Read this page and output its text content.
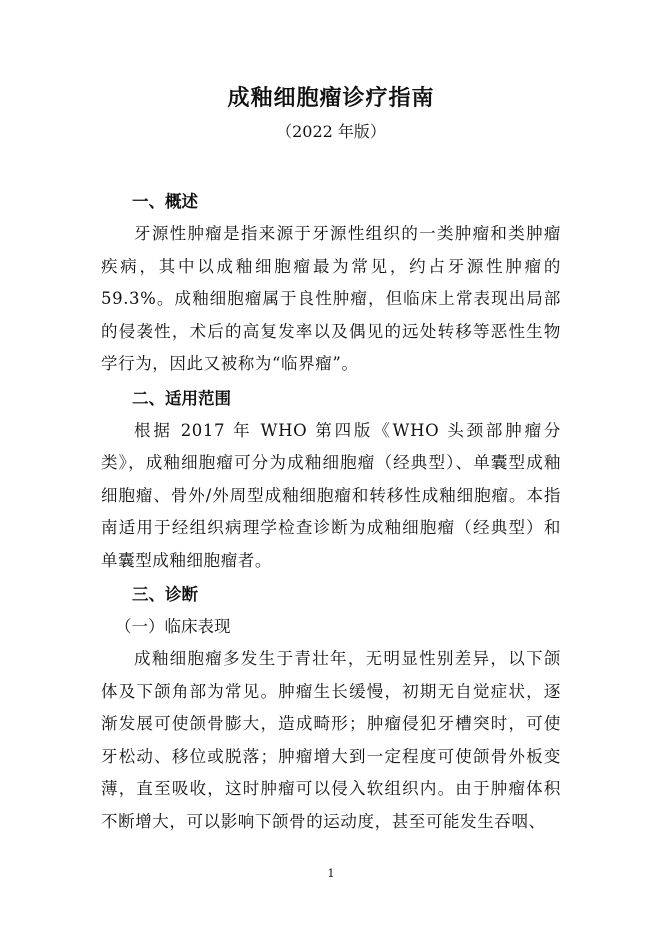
成釉细胞瘤诊疗指南
（2022 年版）
一、概述

牙源性肿瘤是指来源于牙源性组织的一类肿瘤和类肿瘤疾病，其中以成釉细胞瘤最为常见，约占牙源性肿瘤的 59.3%。成釉细胞瘤属于良性肿瘤，但临床上常表现出局部的侵袭性，术后的高复发率以及偶见的远处转移等恶性生物学行为，因此又被称为“临界瘤”。

二、适用范围

根据 2017 年 WHO 第四版《WHO 头颈部肿瘤分类》，成釉细胞瘤可分为成釉细胞瘤（经典型）、单囊型成釉细胞瘤、骨外/外周型成釉细胞瘤和转移性成釉细胞瘤。本指南适用于经组织病理学检查诊断为成釉细胞瘤（经典型）和单囊型成釉细胞瘤者。

三、诊断
（一）临床表现

成釉细胞瘤多发生于青壮年，无明显性别差异，以下颌体及下颌角部为常见。肿瘤生长缓慢，初期无自觉症状，逐渐发展可使颌骨膨大，造成畸形；肿瘤侵犯牙槽突时，可使牙松动、移位或脱落；肿瘤增大到一定程度可使颌骨外板变薄，直至吸收，这时肿瘤可以侵入软组织内。由于肿瘤体积不断增大，可以影响下颌骨的运动度，甚至可能发生吞咽、

1
